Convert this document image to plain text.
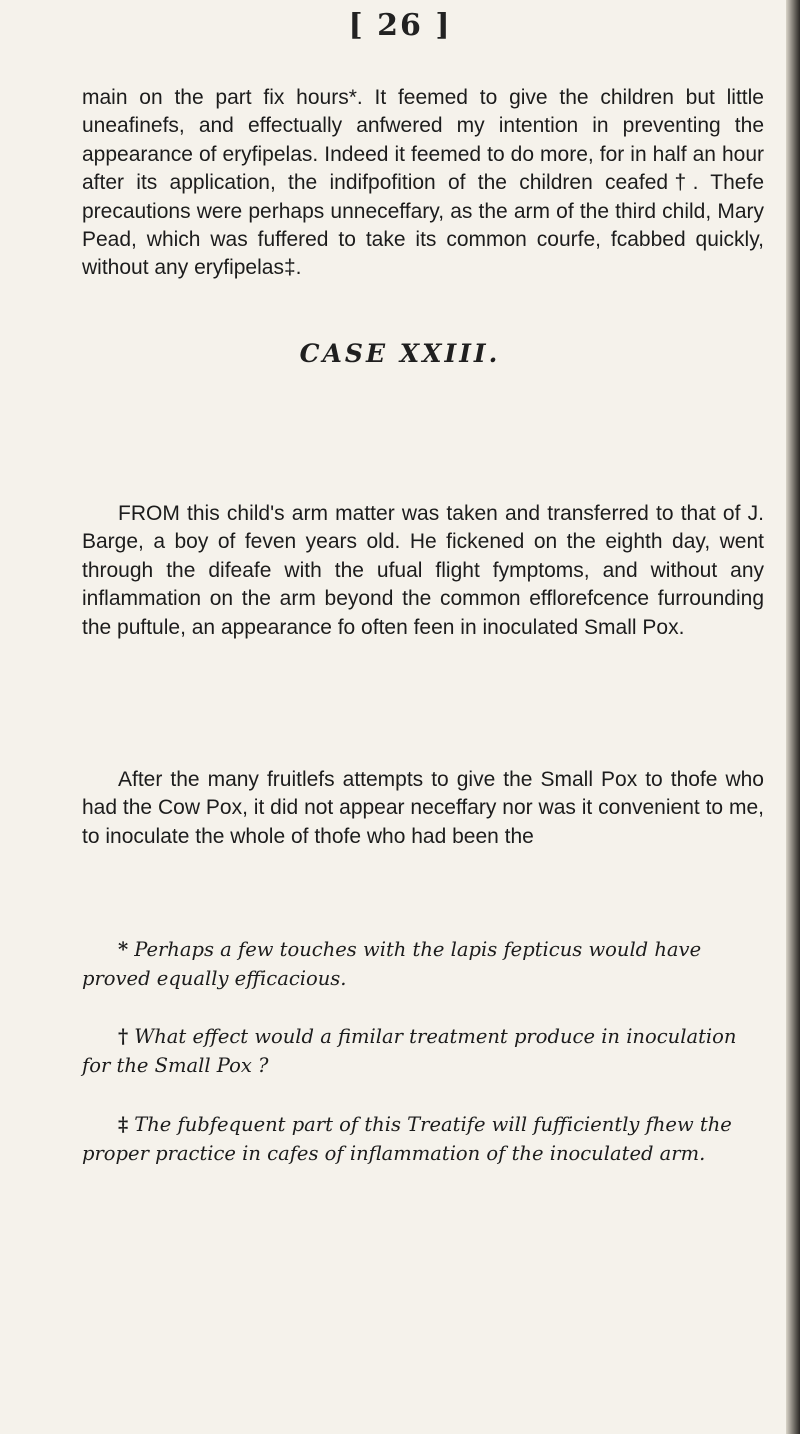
[ 26 ]

main on the part fix hours*. It feemed to give the children but little uneafinefs, and effectually anfwered my intention in preventing the appearance of eryfipelas. Indeed it feemed to do more, for in half an hour after its application, the indifpofition of the children ceafed†. Thefe precautions were perhaps unneceffary, as the arm of the third child, Mary Pead, which was fuffered to take its common courfe, fcabbed quickly, without any eryfipelas‡.

CASE XXIII.

FROM this child's arm matter was taken and transferred to that of J. Barge, a boy of feven years old. He fickened on the eighth day, went through the difeafe with the ufual flight fymptoms, and without any inflammation on the arm beyond the common efflorefcence furrounding the puftule, an appearance fo often feen in inoculated Small Pox.

After the many fruitlefs attempts to give the Small Pox to thofe who had the Cow Pox, it did not appear neceffary nor was it convenient to me, to inoculate the whole of thofe who had been the

* Perhaps a few touches with the lapis fepticus would have proved equally efficacious.

† What effect would a fimilar treatment produce in inoculation for the Small Pox ?

‡ The fubfequent part of this Treatife will fufficiently fhew the proper practice in cafes of inflammation of the inoculated arm.
